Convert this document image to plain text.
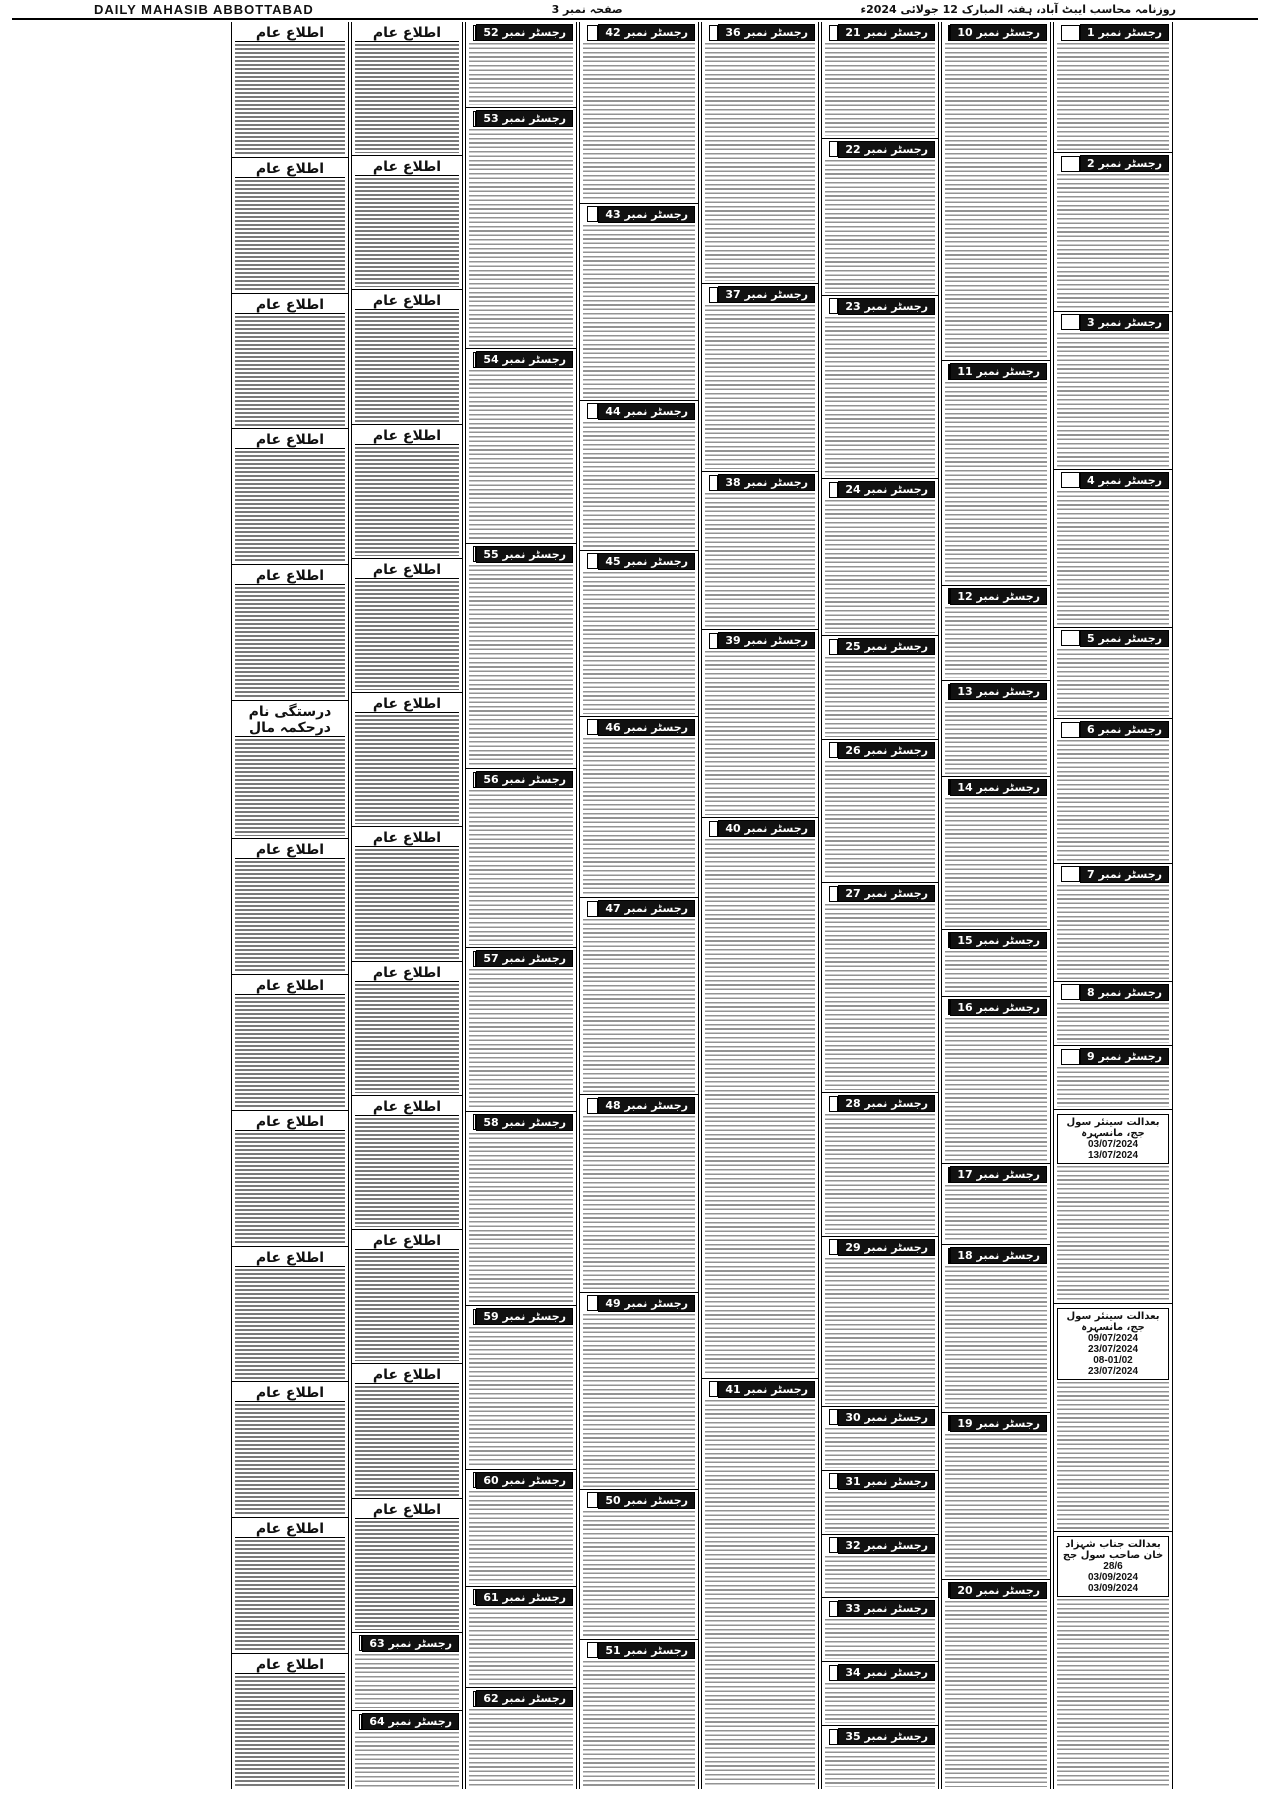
DAILY MAHASIB ABBOTTABAD	صفحہ نمبر 3	روزنامہ محاسب ایبٹ آباد، ہفتہ المبارک 12 جولائی 2024ء
رجسٹر نمبر 1
رجسٹر نمبر 2
رجسٹر نمبر 3
رجسٹر نمبر 4
رجسٹر نمبر 5
رجسٹر نمبر 6
رجسٹر نمبر 7
رجسٹر نمبر 8
رجسٹر نمبر 9
بعدالت سینئر سول جج، مانسہرہ
03/07/2024
13/07/2024
بعدالت سینئر سول جج، مانسہرہ
09/07/2024
23/07/2024
08-01/02
23/07/2024
بعدالت جناب شہزاد خان صاحب سول جج
28/6
03/09/2024
03/09/2024
رجسٹر نمبر 10
رجسٹر نمبر 11
رجسٹر نمبر 12
رجسٹر نمبر 13
رجسٹر نمبر 14
رجسٹر نمبر 15
رجسٹر نمبر 16
رجسٹر نمبر 17
رجسٹر نمبر 18
رجسٹر نمبر 19
رجسٹر نمبر 20
رجسٹر نمبر 21
رجسٹر نمبر 22
رجسٹر نمبر 23
رجسٹر نمبر 24
رجسٹر نمبر 25
رجسٹر نمبر 26
رجسٹر نمبر 27
رجسٹر نمبر 28
رجسٹر نمبر 29
رجسٹر نمبر 30
رجسٹر نمبر 31
رجسٹر نمبر 32
رجسٹر نمبر 33
رجسٹر نمبر 34
رجسٹر نمبر 35
رجسٹر نمبر 36
رجسٹر نمبر 37
رجسٹر نمبر 38
رجسٹر نمبر 39
رجسٹر نمبر 40
رجسٹر نمبر 41
رجسٹر نمبر 42
رجسٹر نمبر 43
رجسٹر نمبر 44
رجسٹر نمبر 45
رجسٹر نمبر 46
رجسٹر نمبر 47
رجسٹر نمبر 48
رجسٹر نمبر 49
رجسٹر نمبر 50
رجسٹر نمبر 51
رجسٹر نمبر 52
رجسٹر نمبر 53
رجسٹر نمبر 54
رجسٹر نمبر 55
رجسٹر نمبر 56
رجسٹر نمبر 57
رجسٹر نمبر 58
رجسٹر نمبر 59
رجسٹر نمبر 60
رجسٹر نمبر 61
رجسٹر نمبر 62
اطلاع عام
اطلاع عام
اطلاع عام
اطلاع عام
اطلاع عام
اطلاع عام
اطلاع عام
اطلاع عام
اطلاع عام
اطلاع عام
اطلاع عام
اطلاع عام
رجسٹر نمبر 63
رجسٹر نمبر 64
اطلاع عام
اطلاع عام
اطلاع عام
اطلاع عام
اطلاع عام
درستگی نام درحکمہ مال
اطلاع عام
اطلاع عام
اطلاع عام
اطلاع عام
اطلاع عام
اطلاع عام
اطلاع عام
